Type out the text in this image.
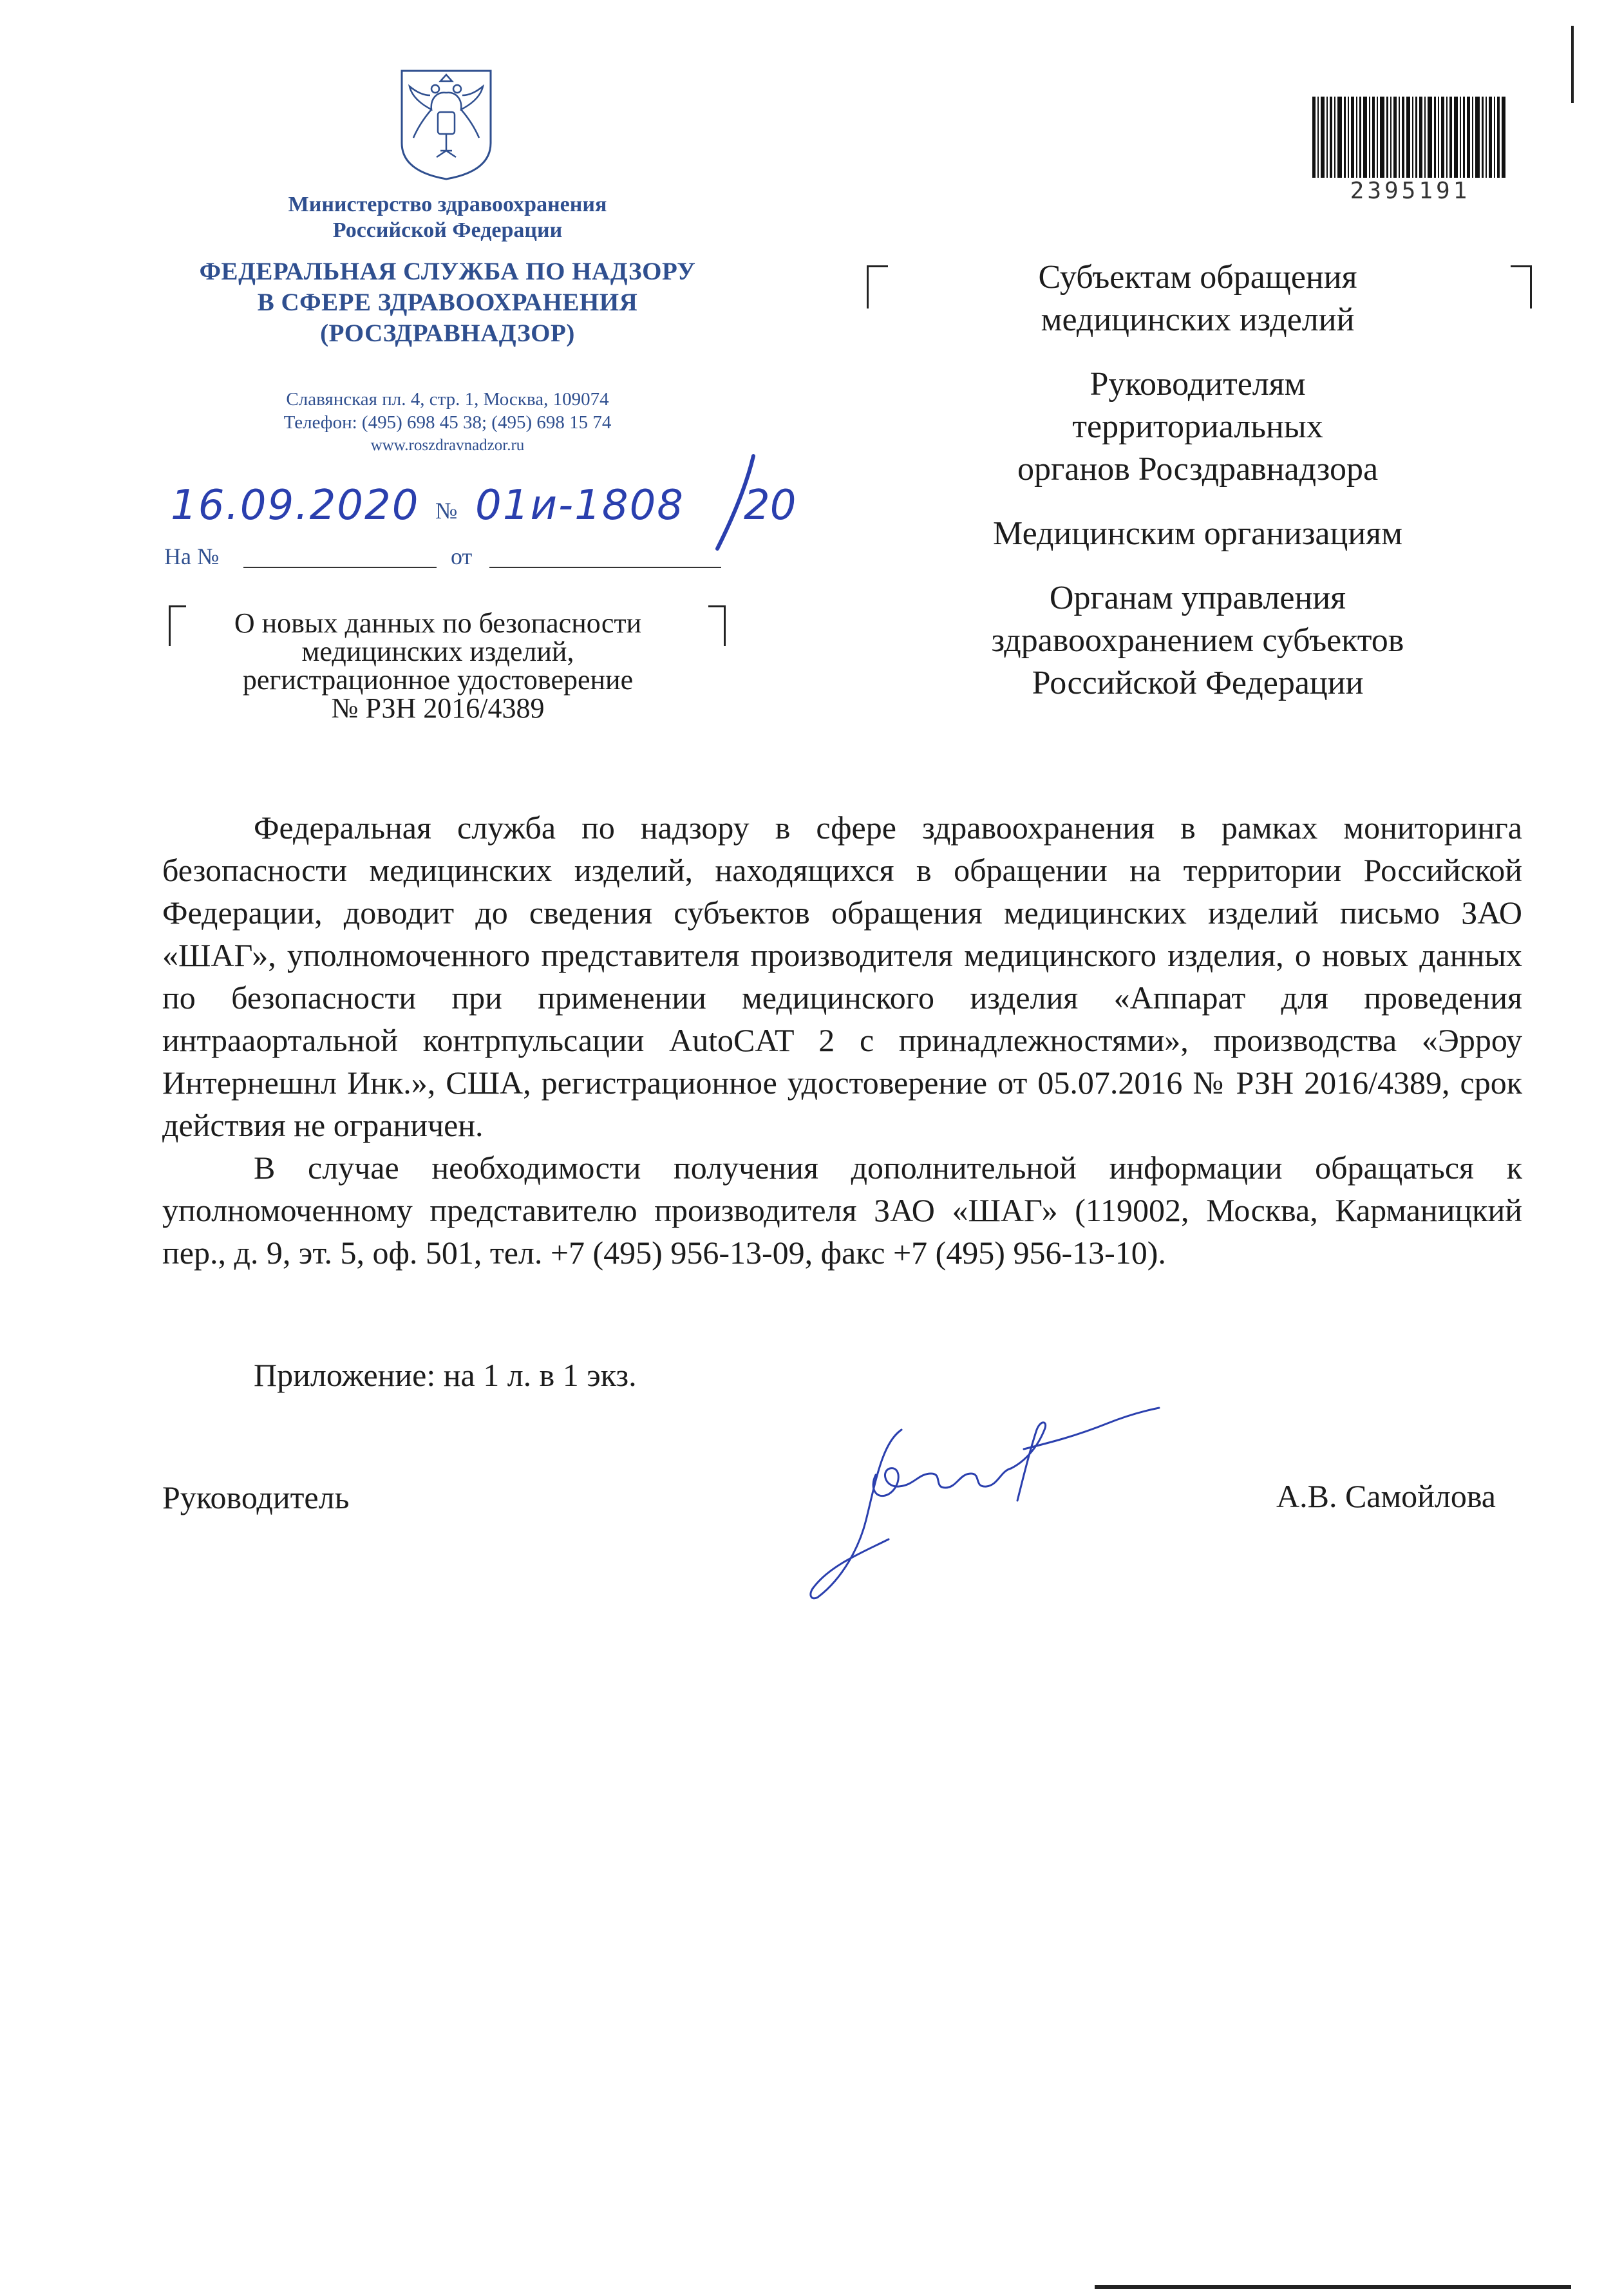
Министерство здравоохранения
Российской Федерации
ФЕДЕРАЛЬНАЯ СЛУЖБА ПО НАДЗОРУ
В СФЕРЕ ЗДРАВООХРАНЕНИЯ
(РОСЗДРАВНАДЗОР)
Славянская пл. 4, стр. 1, Москва, 109074
Телефон: (495) 698 45 38; (495) 698 15 74
www.roszdravnadzor.ru
16.09.2020 № 01и-1808 20
На №	от
О новых данных по безопасности
медицинских изделий,
регистрационное удостоверение
№ РЗН 2016/4389
2395191

Субъектам обращения
медицинских изделий

Руководителям
территориальных
органов Росздравнадзора

Медицинским организациям

Органам управления
здравоохранением субъектов
Российской Федерации

Федеральная служба по надзору в сфере здравоохранения в рамках мониторинга безопасности медицинских изделий, находящихся в обращении на территории Российской Федерации, доводит до сведения субъектов обращения медицинских изделий письмо ЗАО «ШАГ», уполномоченного представителя производителя медицинского изделия, о новых данных по безопасности при применении медицинского изделия «Аппарат для проведения интрааортальной контрпульсации AutoCAT 2 с принадлежностями», производства «Эрроу Интернешнл Инк.», США, регистрационное удостоверение от 05.07.2016 № РЗН 2016/4389, срок действия не ограничен.

В случае необходимости получения дополнительной информации обращаться к уполномоченному представителю производителя ЗАО «ШАГ» (119002, Москва, Карманицкий пер., д. 9, эт. 5, оф. 501, тел. +7 (495) 956-13-09, факс +7 (495) 956-13-10).

Приложение: на 1 л. в 1 экз.
Руководитель	А.В. Самойлова
